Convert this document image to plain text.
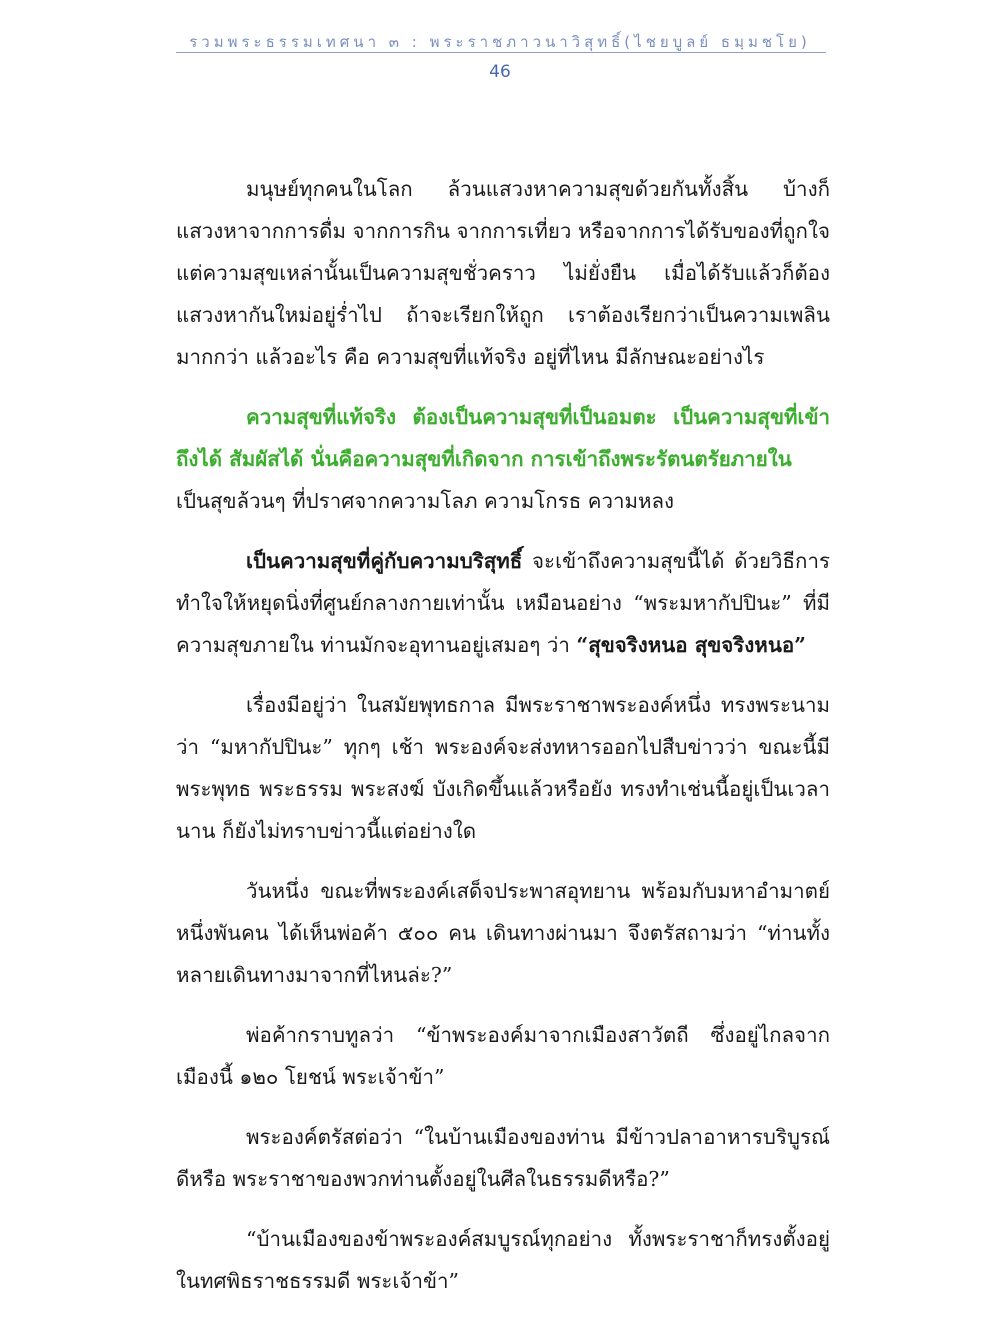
รวมพระธรรมเทศนา ๓ : พระราชภาวนาวิสุทธิ์(ไชยบูลย์ ธมฺมชโย)
46

มนุษย์ทุกคนในโลก ล้วนแสวงหาความสุขด้วยกันทั้งสิ้น บ้างก็แสวงหาจากการดื่ม จากการกิน จากการเที่ยว หรือจากการได้รับของที่ถูกใจ แต่ความสุขเหล่านั้นเป็นความสุขชั่วคราว ไม่ยั่งยืน เมื่อได้รับแล้วก็ต้องแสวงหากันใหม่อยู่ร่ำไป ถ้าจะเรียกให้ถูก เราต้องเรียกว่าเป็นความเพลินมากกว่า แล้วอะไร คือ ความสุขที่แท้จริง อยู่ที่ไหน มีลักษณะอย่างไร

ความสุขที่แท้จริง ต้องเป็นความสุขที่เป็นอมตะ เป็นความสุขที่เข้าถึงได้ สัมผัสได้ นั่นคือความสุขที่เกิดจาก การเข้าถึงพระรัตนตรัยภายใน

เป็นสุขล้วนๆ ที่ปราศจากความโลภ ความโกรธ ความหลง

เป็นความสุขที่คู่กับความบริสุทธิ์ จะเข้าถึงความสุขนี้ได้ ด้วยวิธีการทำใจให้หยุดนิ่งที่ศูนย์กลางกายเท่านั้น เหมือนอย่าง “พระมหากัปปินะ” ที่มีความสุขภายใน ท่านมักจะอุทานอยู่เสมอๆ ว่า “สุขจริงหนอ สุขจริงหนอ”

เรื่องมีอยู่ว่า ในสมัยพุทธกาล มีพระราชาพระองค์หนึ่ง ทรงพระนามว่า “มหากัปปินะ” ทุกๆ เช้า พระองค์จะส่งทหารออกไปสืบข่าวว่า ขณะนี้มีพระพุทธ พระธรรม พระสงฆ์ บังเกิดขึ้นแล้วหรือยัง ทรงทำเช่นนี้อยู่เป็นเวลานาน ก็ยังไม่ทราบข่าวนี้แต่อย่างใด

วันหนึ่ง ขณะที่พระองค์เสด็จประพาสอุทยาน พร้อมกับมหาอำมาตย์หนึ่งพันคน ได้เห็นพ่อค้า ๕๐๐ คน เดินทางผ่านมา จึงตรัสถามว่า “ท่านทั้งหลายเดินทางมาจากที่ไหนล่ะ?”

พ่อค้ากราบทูลว่า “ข้าพระองค์มาจากเมืองสาวัตถี ซึ่งอยู่ไกลจากเมืองนี้ ๑๒๐ โยชน์ พระเจ้าข้า”

พระองค์ตรัสต่อว่า “ในบ้านเมืองของท่าน มีข้าวปลาอาหารบริบูรณ์ดีหรือ พระราชาของพวกท่านตั้งอยู่ในศีลในธรรมดีหรือ?”

“บ้านเมืองของข้าพระองค์สมบูรณ์ทุกอย่าง ทั้งพระราชาก็ทรงตั้งอยู่ในทศพิธราชธรรมดี พระเจ้าข้า”
